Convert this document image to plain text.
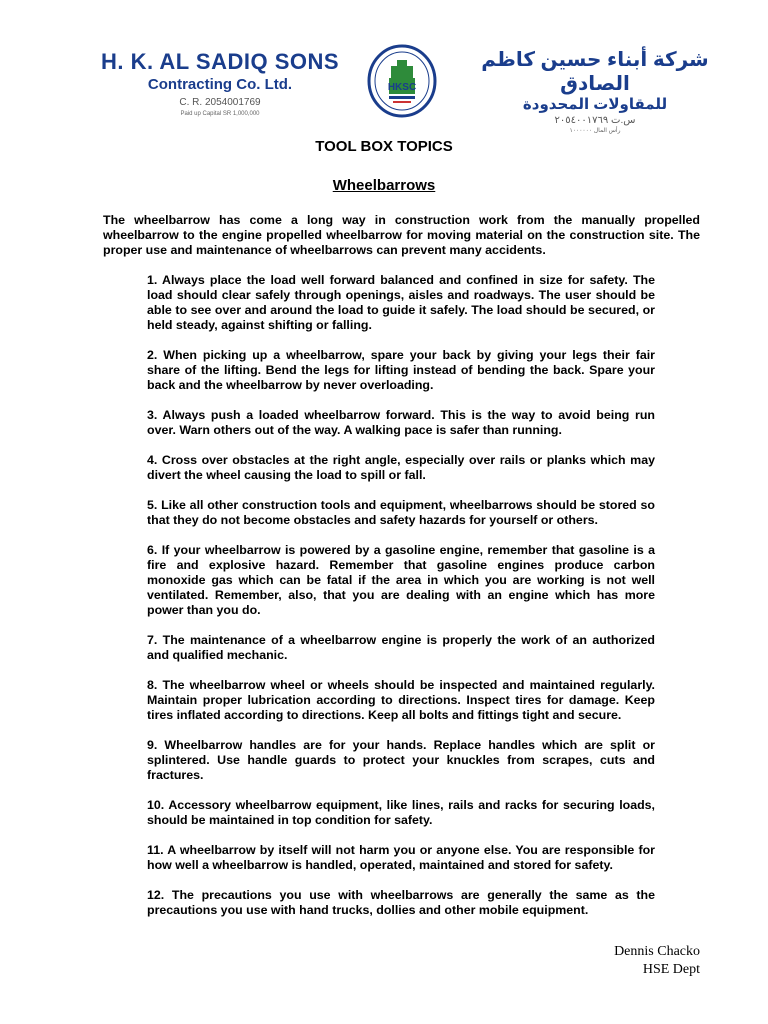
H. K. AL SADIQ SONS
Contracting Co. Ltd.
C. R. 2054001769
Paid up Capital SR 1,000,000
HKSC
شركة أبناء حسين كاظم الصادق
للمقاولات المحدودة
س.ت ٢٠٥٤٠٠١٧٦٩
رأس المال ١٠٠٠٠٠٠
TOOL BOX TOPICS
Wheelbarrows
The wheelbarrow has come a long way in construction work from the manually propelled wheelbarrow to the engine propelled wheelbarrow for moving material on the construction site. The proper use and maintenance of wheelbarrows can prevent many accidents.

1. Always place the load well forward balanced and confined in size for safety. The load should clear safely through openings, aisles and roadways. The user should be able to see over and around the load to guide it safely. The load should be secured, or held steady, against shifting or falling.

2. When picking up a wheelbarrow, spare your back by giving your legs their fair share of the lifting. Bend the legs for lifting instead of bending the back. Spare your back and the wheelbarrow by never overloading.

3. Always push a loaded wheelbarrow forward. This is the way to avoid being run over. Warn others out of the way. A walking pace is safer than running.

4. Cross over obstacles at the right angle, especially over rails or planks which may divert the wheel causing the load to spill or fall.

5. Like all other construction tools and equipment, wheelbarrows should be stored so that they do not become obstacles and safety hazards for yourself or others.

6. If your wheelbarrow is powered by a gasoline engine, remember that gasoline is a fire and explosive hazard. Remember that gasoline engines produce carbon monoxide gas which can be fatal if the area in which you are working is not well ventilated. Remember, also, that you are dealing with an engine which has more power than you do.

7. The maintenance of a wheelbarrow engine is properly the work of an authorized and qualified mechanic.

8. The wheelbarrow wheel or wheels should be inspected and maintained regularly. Maintain proper lubrication according to directions. Inspect tires for damage. Keep tires inflated according to directions. Keep all bolts and fittings tight and secure.

9. Wheelbarrow handles are for your hands. Replace handles which are split or splintered. Use handle guards to protect your knuckles from scrapes, cuts and fractures.

10. Accessory wheelbarrow equipment, like lines, rails and racks for securing loads, should be maintained in top condition for safety.

11. A wheelbarrow by itself will not harm you or anyone else. You are responsible for how well a wheelbarrow is handled, operated, maintained and stored for safety.

12. The precautions you use with wheelbarrows are generally the same as the precautions you use with hand trucks, dollies and other mobile equipment.

Dennis Chacko
HSE Dept
